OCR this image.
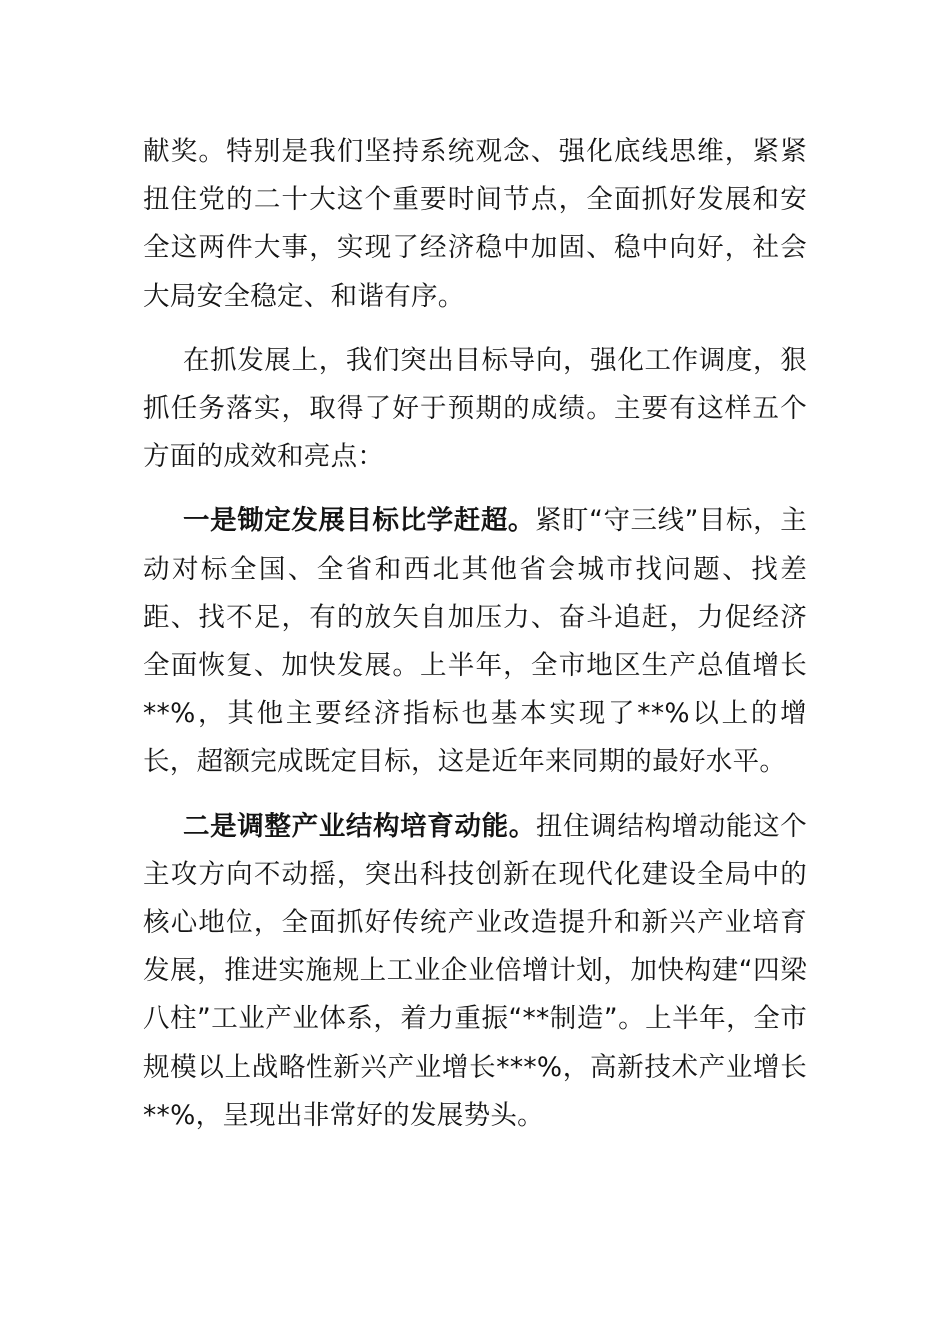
献奖。特别是我们坚持系统观念、强化底线思维，紧紧扭住党的二十大这个重要时间节点，全面抓好发展和安全这两件大事，实现了经济稳中加固、稳中向好，社会大局安全稳定、和谐有序。

在抓发展上，我们突出目标导向，强化工作调度，狠抓任务落实，取得了好于预期的成绩。主要有这样五个方面的成效和亮点：

一是锄定发展目标比学赶超。紧盯“守三线”目标，主动对标全国、全省和西北其他省会城市找问题、找差距、找不足，有的放矢自加压力、奋斗追赶，力促经济全面恢复、加快发展。上半年，全市地区生产总值增长**%，其他主要经济指标也基本实现了**%以上的增长，超额完成既定目标，这是近年来同期的最好水平。

二是调整产业结构培育动能。扭住调结构增动能这个主攻方向不动摇，突出科技创新在现代化建设全局中的核心地位，全面抓好传统产业改造提升和新兴产业培育发展，推进实施规上工业企业倍增计划，加快构建“四梁八柱”工业产业体系，着力重振“**制造”。上半年，全市规模以上战略性新兴产业增长***%，高新技术产业增长**%，呈现出非常好的发展势头。
